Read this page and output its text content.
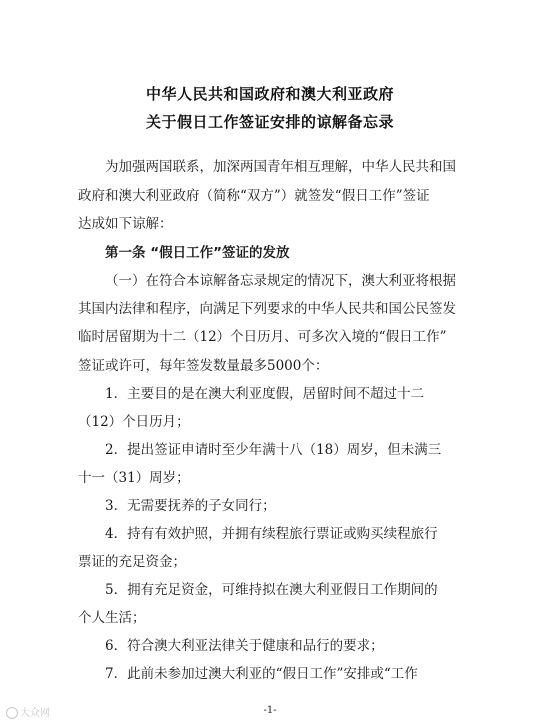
中华人民共和国政府和澳大利亚政府
关于假日工作签证安排的谅解备忘录
为加强两国联系，加深两国青年相互理解，中华人民共和国
政府和澳大利亚政府（简称“双方”）就签发“假日工作”签证
达成如下谅解：
第一条 “假日工作”签证的发放
（一）在符合本谅解备忘录规定的情况下，澳大利亚将根据
其国内法律和程序，向满足下列要求的中华人民共和国公民签发
临时居留期为十二（12）个日历月、可多次入境的“假日工作”
签证或许可，每年签发数量最多5000个：
1．主要目的是在澳大利亚度假，居留时间不超过十二
（12）个日历月；
2．提出签证申请时至少年满十八（18）周岁，但未满三
十一（31）周岁；
3．无需要抚养的子女同行；
4．持有有效护照，并拥有续程旅行票证或购买续程旅行
票证的充足资金；
5．拥有充足资金，可维持拟在澳大利亚假日工作期间的
个人生活；
6．符合澳大利亚法律关于健康和品行的要求；
7．此前未参加过澳大利亚的“假日工作”安排或“工作
大众网	-1-
